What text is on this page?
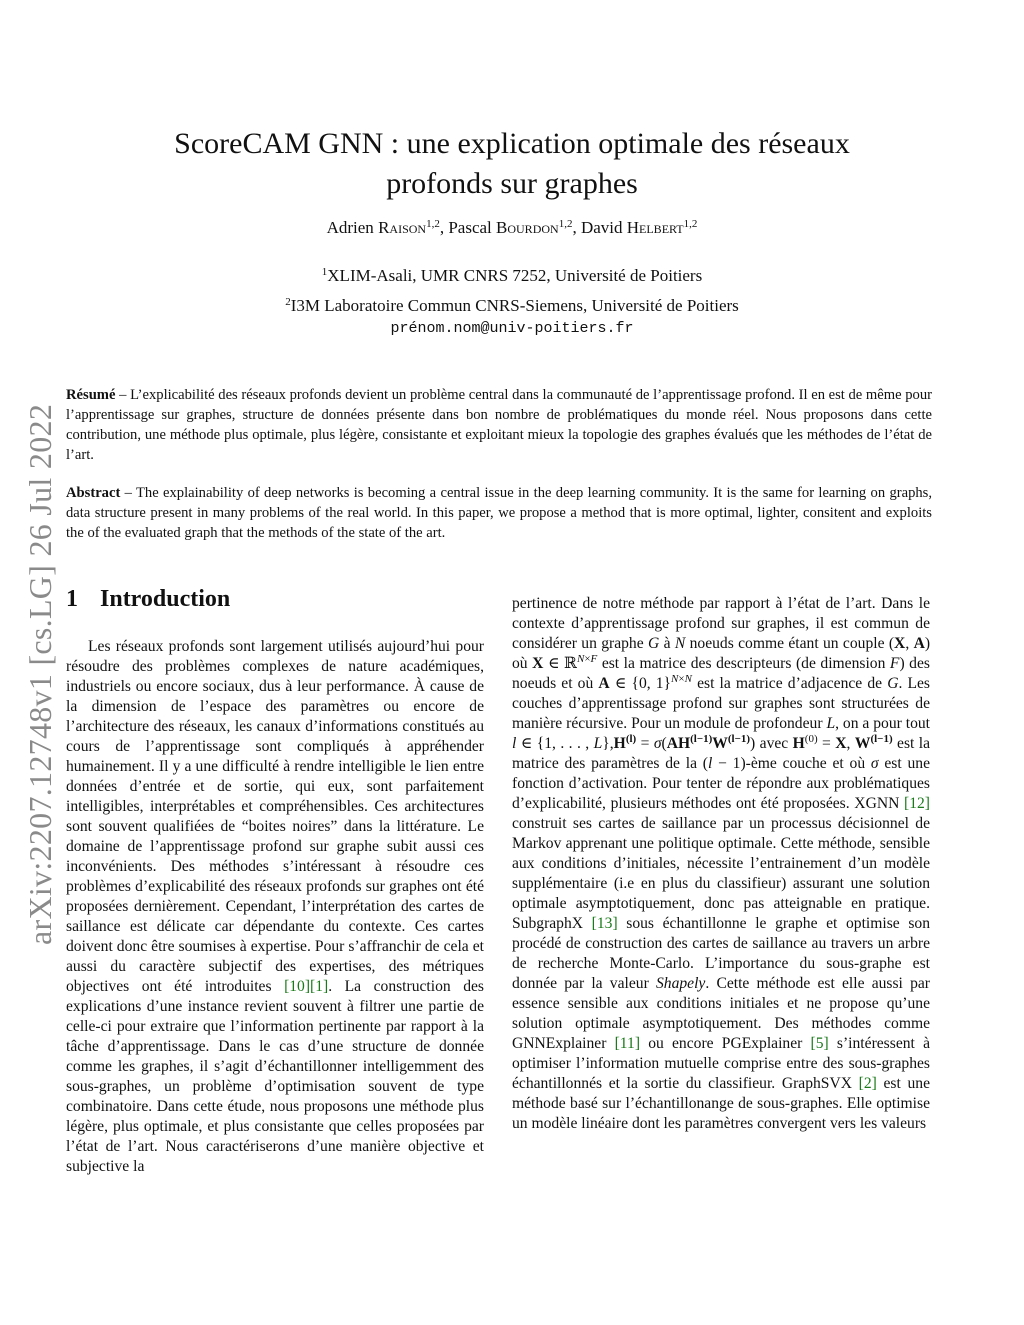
arXiv:2207.12748v1 [cs.LG] 26 Jul 2022
ScoreCAM GNN : une explication optimale des réseaux
profonds sur graphes
Adrien Raison$^{1,2}$, Pascal Bourdon$^{1,2}$, David Helbert$^{1,2}$
$^1$XLIM-Asali, UMR CNRS 7252, Université de Poitiers
$^2$I3M Laboratoire Commun CNRS-Siemens, Université de Poitiers
prénom.nom@univ-poitiers.fr

Résumé – L’explicabilité des réseaux profonds devient un problème central dans la communauté de l’apprentissage profond. Il en est de même pour l’apprentissage sur graphes, structure de données présente dans bon nombre de problématiques du monde réel. Nous proposons dans cette contribution, une méthode plus optimale, plus légère, consistante et exploitant mieux la topologie des graphes évalués que les méthodes de l’état de l’art.

Abstract – The explainability of deep networks is becoming a central issue in the deep learning community. It is the same for learning on graphs, data structure present in many problems of the real world. In this paper, we propose a method that is more optimal, lighter, consitent and exploits the of the evaluated graph that the methods of the state of the art.

1 Introduction

Les réseaux profonds sont largement utilisés aujourd’hui pour résoudre des problèmes complexes de nature académiques, industriels ou encore sociaux, dus à leur performance. À cause de la dimension de l’espace des paramètres ou encore de l’architecture des réseaux, les canaux d’informations constitués au cours de l’apprentissage sont compliqués à appréhender humainement. Il y a une difficulté à rendre intelligible le lien entre données d’entrée et de sortie, qui eux, sont parfaitement intelligibles, interprétables et compréhensibles. Ces architectures sont souvent qualifiées de “boites noires” dans la littérature. Le domaine de l’apprentissage profond sur graphe subit aussi ces inconvénients. Des méthodes s’intéressant à résoudre ces problèmes d’explicabilité des réseaux profonds sur graphes ont été proposées dernièrement. Cependant, l’interprétation des cartes de saillance est délicate car dépendante du contexte. Ces cartes doivent donc être soumises à expertise. Pour s’affranchir de cela et aussi du caractère subjectif des expertises, des métriques objectives ont été introduites [10][1]. La construction des explications d’une instance revient souvent à filtrer une partie de celle-ci pour extraire que l’information pertinente par rapport à la tâche d’apprentissage. Dans le cas d’une structure de donnée comme les graphes, il s’agit d’échantillonner intelligemment des sous-graphes, un problème d’optimisation souvent de type combinatoire. Dans cette étude, nous proposons une méthode plus légère, plus optimale, et plus consistante que celles proposées par l’état de l’art. Nous caractériserons d’une manière objective et subjective la

pertinence de notre méthode par rapport à l’état de l’art. Dans le contexte d’apprentissage profond sur graphes, il est commun de considérer un graphe G à N noeuds comme étant un couple (X, A) où X ∈ ℝ$^{N\times F}$ est la matrice des descripteurs (de dimension F) des noeuds et où A ∈ {0, 1}$^{N\times N}$ est la matrice d’adjacence de G. Les couches d’apprentissage profond sur graphes sont structurées de manière récursive. Pour un module de profondeur L, on a pour tout l ∈ {1, . . . , $L\},H^{(l)} = \sigma(AH^{(l-1)}W^{(l-1)})$ avec $H^{(0)} = X$, $W^{(l-1)}$ est la matrice des paramètres de la (l − 1)-ème couche et où σ est une fonction d’activation. Pour tenter de répondre aux problématiques d’explicabilité, plusieurs méthodes ont été proposées. XGNN [12] construit ses cartes de saillance par un processus décisionnel de Markov apprenant une politique optimale. Cette méthode, sensible aux conditions d’initiales, nécessite l’entrainement d’un modèle supplémentaire (i.e en plus du classifieur) assurant une solution optimale asymptotiquement, donc pas atteignable en pratique. SubgraphX [13] sous échantillonne le graphe et optimise son procédé de construction des cartes de saillance au travers un arbre de recherche Monte-Carlo. L’importance du sous-graphe est donnée par la valeur Shapely. Cette méthode est elle aussi par essence sensible aux conditions initiales et ne propose qu’une solution optimale asymptotiquement. Des méthodes comme GNNExplainer [11] ou encore PGExplainer [5] s’intéressent à optimiser l’information mutuelle comprise entre des sous-graphes échantillonnés et la sortie du classifieur. GraphSVX [2] est une méthode basé sur l’échantillonange de sous-graphes. Elle optimise un modèle linéaire dont les paramètres convergent vers les valeurs
